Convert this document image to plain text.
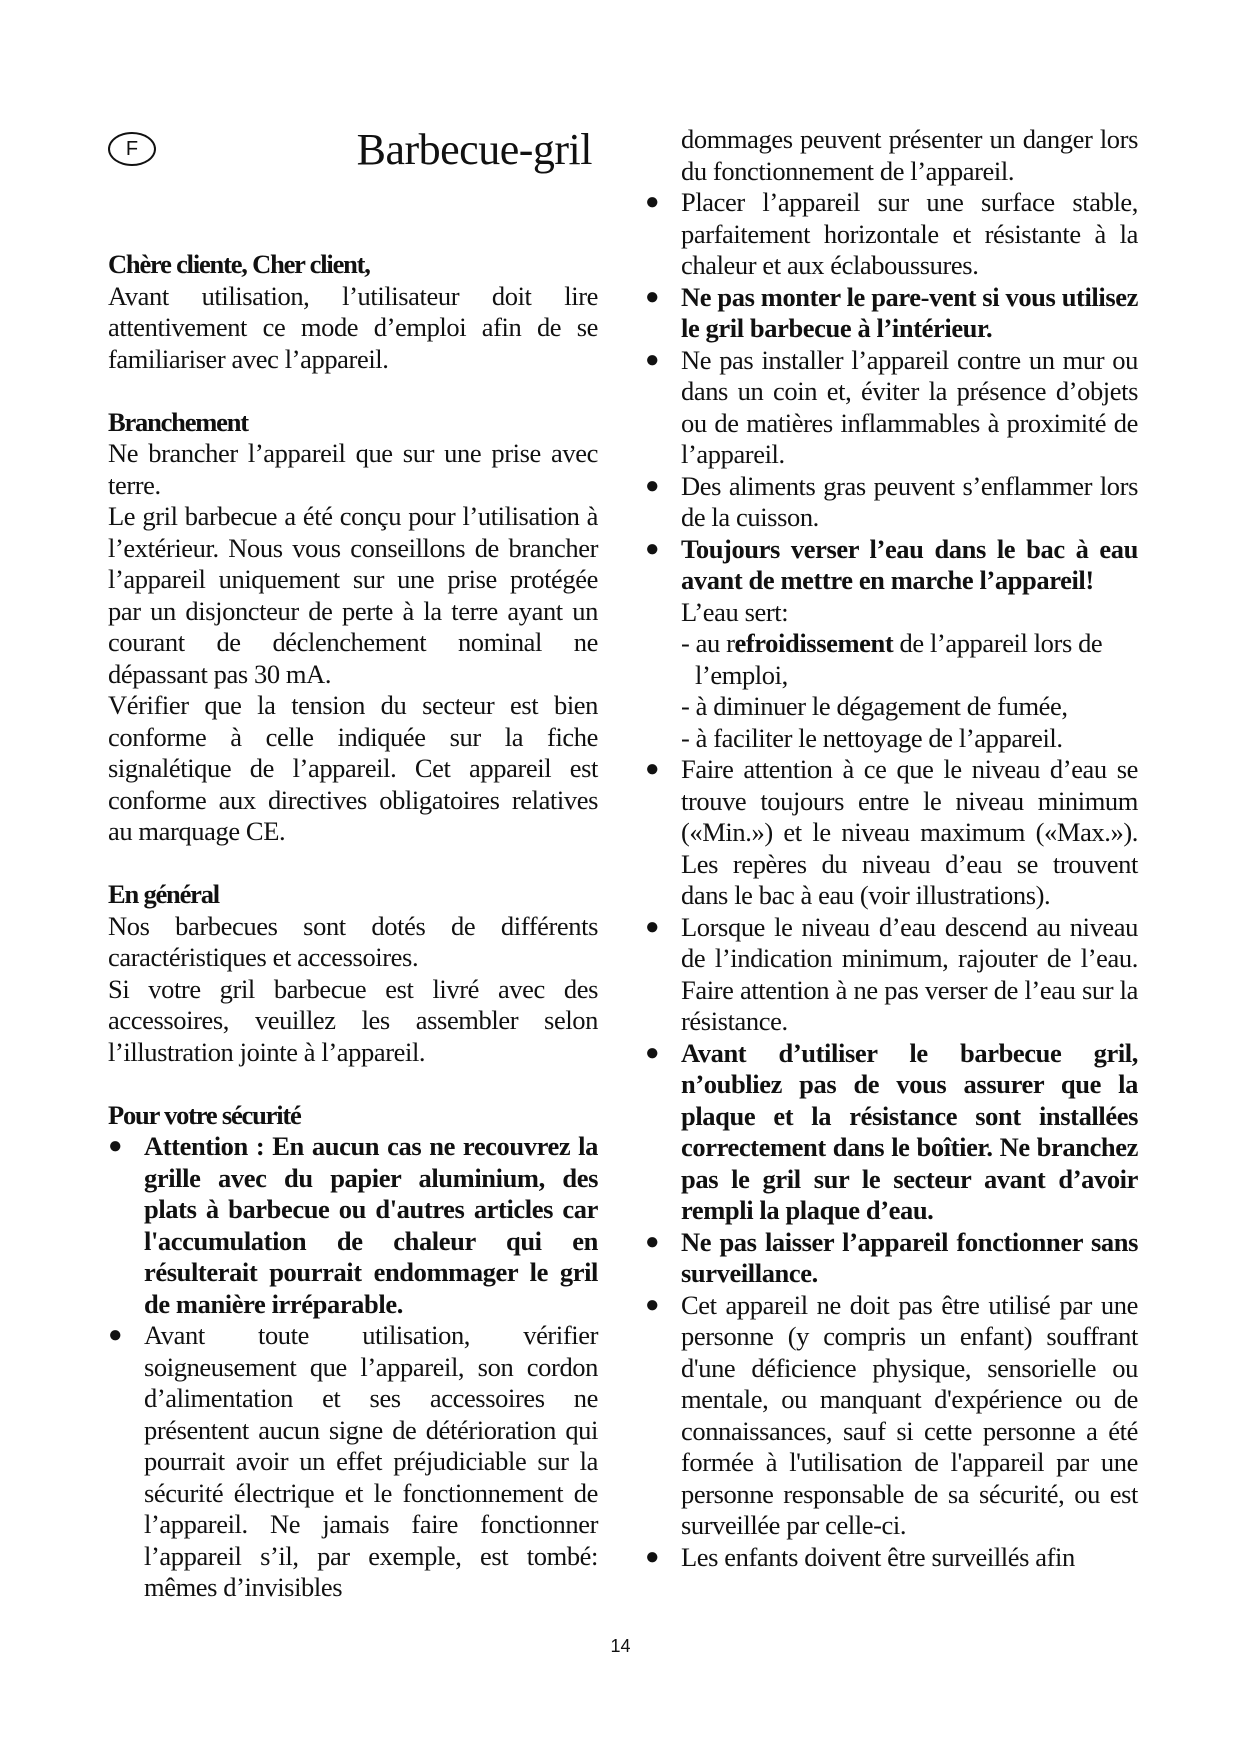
F	Barbecue-gril

Chère cliente, Cher client,

Avant utilisation, l’utilisateur doit lire attentivement ce mode d’emploi afin de se familiariser avec l’appareil.

Branchement

Ne brancher l’appareil que sur une prise avec terre.

Le gril barbecue a été conçu pour l’utilisation à l’extérieur. Nous vous conseillons de brancher l’appareil uniquement sur une prise protégée par un disjoncteur de perte à la terre ayant un courant de déclenchement nominal ne dépassant pas 30 mA.

Vérifier que la tension du secteur est bien conforme à celle indiquée sur la fiche signalétique de l’appareil. Cet appareil est conforme aux directives obligatoires relatives au marquage CE.

En général

Nos barbecues sont dotés de différents caractéristiques et accessoires.

Si votre gril barbecue est livré avec des accessoires, veuillez les assembler selon l’illustration jointe à l’appareil.

Pour votre sécurité

● Attention : En aucun cas ne recouvrez la grille avec du papier aluminium, des plats à barbecue ou d'autres articles car l'accumulation de chaleur qui en résulterait pourrait endommager le gril de manière irréparable.
● Avant toute utilisation, vérifier soigneusement que l’appareil, son cordon d’alimentation et ses accessoires ne présentent aucun signe de détérioration qui pourrait avoir un effet préjudiciable sur la sécurité électrique et le fonctionnement de l’appareil. Ne jamais faire fonctionner l’appareil s’il, par exemple, est tombé: mêmes d’invisibles

dommages peuvent présenter un danger lors du fonctionnement de l’appareil.

● Placer l’appareil sur une surface stable, parfaitement horizontale et résistante à la chaleur et aux éclaboussures.
● Ne pas monter le pare-vent si vous utilisez le gril barbecue à l’intérieur.
● Ne pas installer l’appareil contre un mur ou dans un coin et, éviter la présence d’objets ou de matières inflammables à proximité de l’appareil.
● Des aliments gras peuvent s’enflammer lors de la cuisson.
● Toujours verser l’eau dans le bac à eau avant de mettre en marche l’appareil!

L’eau sert:

- au refroidissement de l’appareil lors de

l’emploi,

- à diminuer le dégagement de fumée,

- à faciliter le nettoyage de l’appareil.

● Faire attention à ce que le niveau d’eau se trouve toujours entre le niveau minimum («Min.») et le niveau maximum («Max.»). Les repères du niveau d’eau se trouvent dans le bac à eau (voir illustrations).
● Lorsque le niveau d’eau descend au niveau de l’indication minimum, rajouter de l’eau. Faire attention à ne pas verser de l’eau sur la résistance.
● Avant d’utiliser le barbecue gril, n’oubliez pas de vous assurer que la plaque et la résistance sont installées correctement dans le boîtier. Ne branchez pas le gril sur le secteur avant d’avoir rempli la plaque d’eau.
● Ne pas laisser l’appareil fonctionner sans surveillance.
● Cet appareil ne doit pas être utilisé par une personne (y compris un enfant) souffrant d'une déficience physique, sensorielle ou mentale, ou manquant d'expérience ou de connaissances, sauf si cette personne a été formée à l'utilisation de l'appareil par une personne responsable de sa sécurité, ou est surveillée par celle-ci.
● Les enfants doivent être surveillés afin
14
